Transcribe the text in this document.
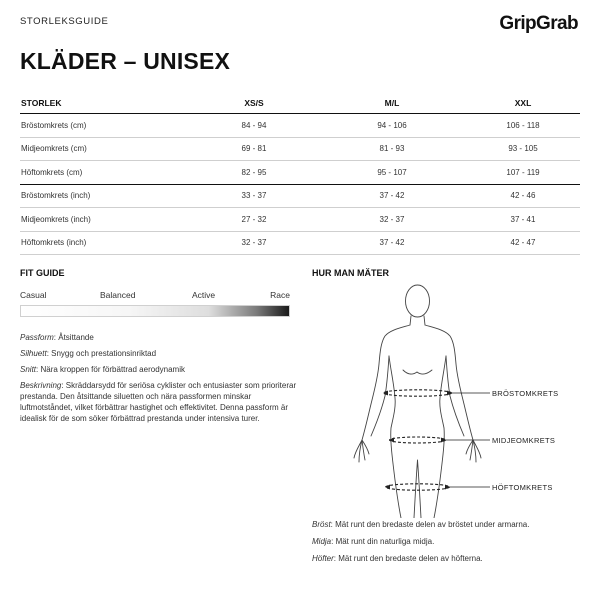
STORLEKSGUIDE	GripGrab
KLÄDER – UNISEX
STORLEK	XS/S	M/L	XXL
Bröstomkrets (cm)	84 - 94	94 - 106	106 - 118
Midjeomkrets (cm)	69 - 81	81 - 93	93 - 105
Höftomkrets (cm)	82 - 95	95 - 107	107 - 119
Bröstomkrets (inch)	33 - 37	37 - 42	42 - 46
Midjeomkrets (inch)	27 - 32	32 - 37	37 - 41
Höftomkrets (inch)	32 - 37	37 - 42	42 - 47
FIT GUIDE
Casual	Balanced	Active	Race
Passform: Åtsittande
Silhuett: Snygg och prestationsinriktad
Snitt: Nära kroppen för förbättrad aerodynamik
Beskrivning: Skräddarsydd för seriösa cyklister och entusiaster som prioriterar prestanda. Den åtsittande siluetten och nära passformen minskar luftmotståndet, vilket förbättrar hastighet och effektivitet. Denna passform är idealisk för de som söker förbättrad prestanda under intensiva turer.
HUR MAN MÄTER
BRÖSTOMKRETS
MIDJEOMKRETS
HÖFTOMKRETS
Bröst: Mät runt den bredaste delen av bröstet under armarna.
Midja: Mät runt din naturliga midja.
Höfter: Mät runt den bredaste delen av höfterna.
